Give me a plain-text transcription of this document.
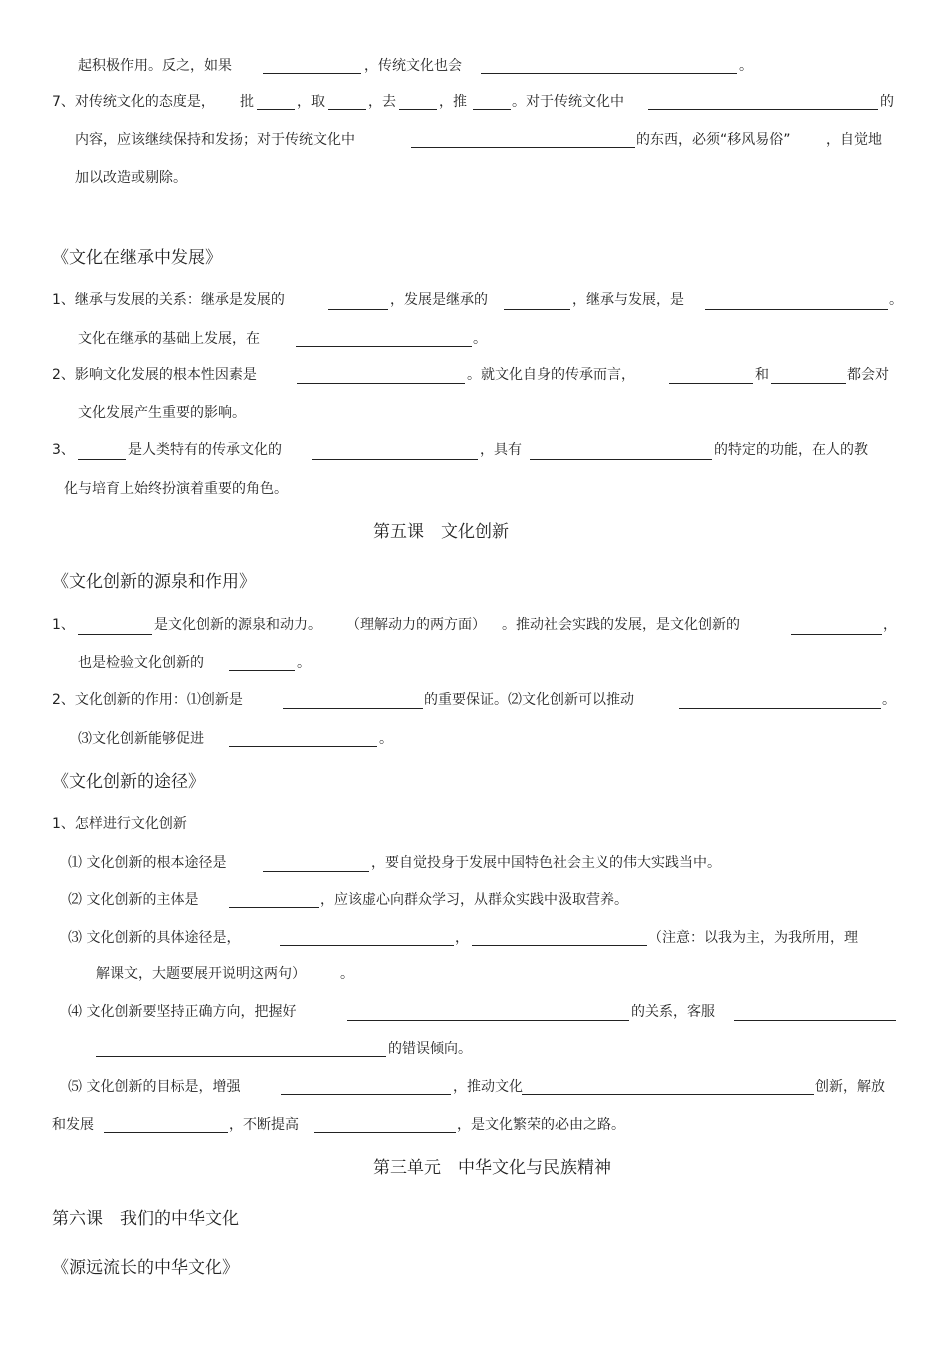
起积极作用。反之，如果	，传统文化也会	。
7、对传统文化的态度是， 批	，取	，去	，推	。对于传统文化中	的
内容，应该继续保持和发扬；对于传统文化中	的东西，必须“移风易俗”	，自觉地
加以改造或剔除。
《文化在继承中发展》
1、继承与发展的关系：继承是发展的	，发展是继承的	，继承与发展，是	。
文化在继承的基础上发展，在	。
2、影响文化发展的根本性因素是	。就文化自身的传承而言，	和	都会对
文化发展产生重要的影响。
3、	是人类特有的传承文化的	，具有	的特定的功能，在人的教
化与培育上始终扮演着重要的角色。
第五课　文化创新
《文化创新的源泉和作用》
1、	是文化创新的源泉和动力。 （理解动力的两方面） 。推动社会实践的发展，是文化创新的	，
也是检验文化创新的	。
2、文化创新的作用：⑴创新是	的重要保证。⑵文化创新可以推动	。
⑶文化创新能够促进	。
《文化创新的途径》
1、怎样进行文化创新
⑴ 文化创新的根本途径是	，要自觉投身于发展中国特色社会主义的伟大实践当中。
⑵ 文化创新的主体是	，应该虚心向群众学习，从群众实践中汲取营养。
⑶ 文化创新的具体途径是，	，	（注意：以我为主，为我所用，理
解课文，大题要展开说明这两句） 。
⑷ 文化创新要坚持正确方向，把握好	的关系，客服
的错误倾向。
⑸ 文化创新的目标是，增强	，推动文化	创新，解放
和发展	，不断提高	，是文化繁荣的必由之路。
第三单元　中华文化与民族精神
第六课　我们的中华文化
《源远流长的中华文化》
